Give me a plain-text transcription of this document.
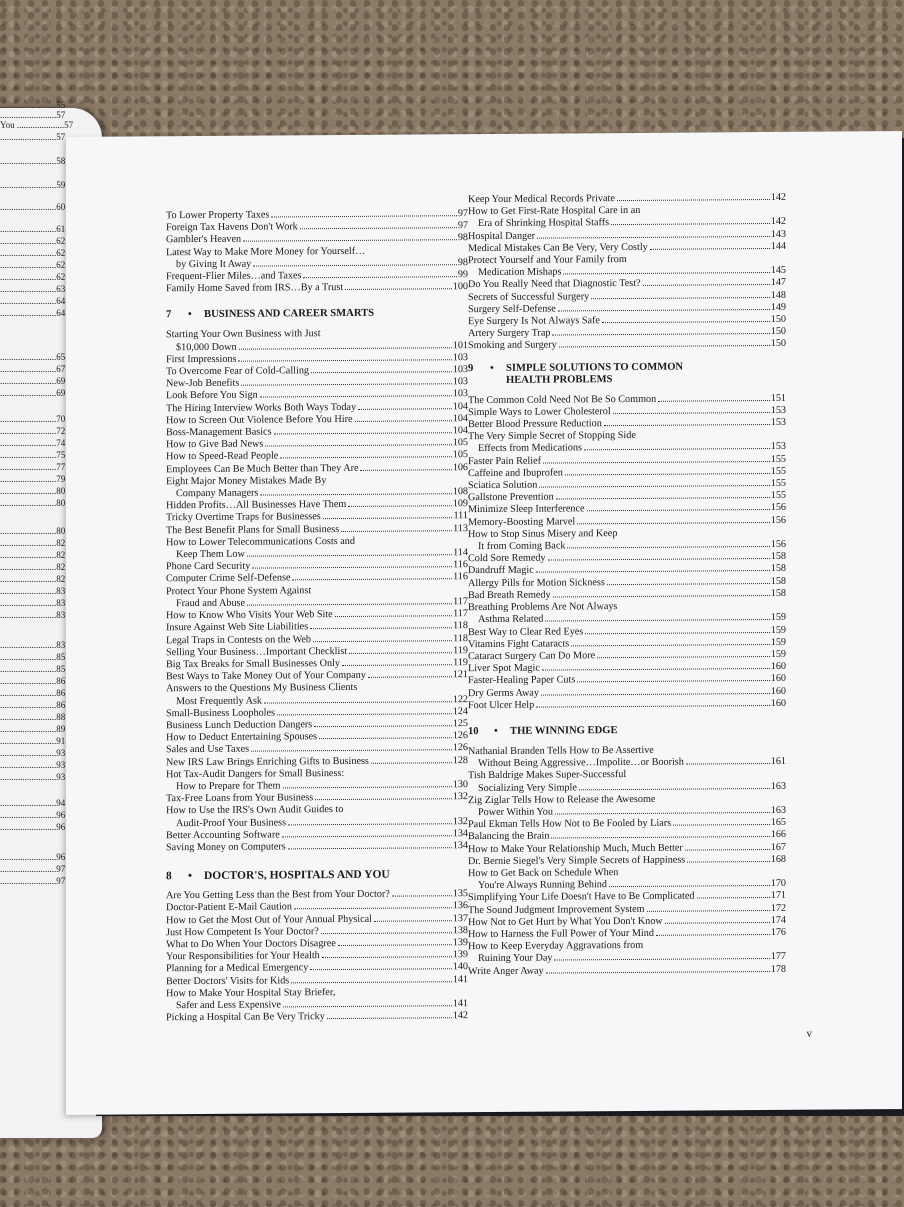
.........................55
.........................57
You .....................57
.........................57
.........................58
.........................59
.........................60
.........................61
.........................62
.........................62
.........................62
.........................62
.........................63
.........................64
.........................64
.........................65
.........................67
.........................69
.........................69
.........................70
.........................72
.........................74
.........................75
.........................77
.........................79
.........................80
.........................80
.........................80
.........................82
.........................82
.........................82
.........................82
.........................83
.........................83
.........................83
.........................83
.........................85
.........................85
.........................86
.........................86
.........................86
.........................88
.........................89
.........................91
.........................93
.........................93
.........................93
.........................94
.........................96
.........................96
.........................96
.........................97
.........................97
To Lower Property Taxes	97
Foreign Tax Havens Don't Work	97
Gambler's Heaven	98
Latest Way to Make More Money for Yourself…
by Giving It Away	98
Frequent-Flier Miles…and Taxes	99
Family Home Saved from IRS…By a Trust	100
7	•	BUSINESS AND CAREER SMARTS
Starting Your Own Business with Just
$10,000 Down	101
First Impressions	103
To Overcome Fear of Cold-Calling	103
New-Job Benefits	103
Look Before You Sign	103
The Hiring Interview Works Both Ways Today	104
How to Screen Out Violence Before You Hire	104
Boss-Management Basics	104
How to Give Bad News	105
How to Speed-Read People	105
Employees Can Be Much Better than They Are	106
Eight Major Money Mistakes Made By
Company Managers	108
Hidden Profits…All Businesses Have Them	109
Tricky Overtime Traps for Businesses	111
The Best Benefit Plans for Small Business	113
How to Lower Telecommunications Costs and
Keep Them Low	114
Phone Card Security	116
Computer Crime Self-Defense	116
Protect Your Phone System Against
Fraud and Abuse	117
How to Know Who Visits Your Web Site	117
Insure Against Web Site Liabilities	118
Legal Traps in Contests on the Web	118
Selling Your Business…Important Checklist	119
Big Tax Breaks for Small Businesses Only	119
Best Ways to Take Money Out of Your Company	121
Answers to the Questions My Business Clients
Most Frequently Ask	122
Small-Business Loopholes	124
Business Lunch Deduction Dangers	125
How to Deduct Entertaining Spouses	126
Sales and Use Taxes	126
New IRS Law Brings Enriching Gifts to Business	128
Hot Tax-Audit Dangers for Small Business:
How to Prepare for Them	130
Tax-Free Loans from Your Business	132
How to Use the IRS's Own Audit Guides to
Audit-Proof Your Business	132
Better Accounting Software	134
Saving Money on Computers	134
8	•	DOCTOR'S, HOSPITALS AND YOU
Are You Getting Less than the Best from Your Doctor?	135
Doctor-Patient E-Mail Caution	136
How to Get the Most Out of Your Annual Physical	137
Just How Competent Is Your Doctor?	138
What to Do When Your Doctors Disagree	139
Your Responsibilities for Your Health	139
Planning for a Medical Emergency	140
Better Doctors' Visits for Kids	141
How to Make Your Hospital Stay Briefer,
Safer and Less Expensive	141
Picking a Hospital Can Be Very Tricky	142
Keep Your Medical Records Private	142
How to Get First-Rate Hospital Care in an
Era of Shrinking Hospital Staffs	142
Hospital Danger	143
Medical Mistakes Can Be Very, Very Costly	144
Protect Yourself and Your Family from
Medication Mishaps	145
Do You Really Need that Diagnostic Test?	147
Secrets of Successful Surgery	148
Surgery Self-Defense	149
Eye Surgery Is Not Always Safe	150
Artery Surgery Trap	150
Smoking and Surgery	150
9	•	SIMPLE SOLUTIONS TO COMMON HEALTH PROBLEMS
The Common Cold Need Not Be So Common	151
Simple Ways to Lower Cholesterol	153
Better Blood Pressure Reduction	153
The Very Simple Secret of Stopping Side
Effects from Medications	153
Faster Pain Relief	155
Caffeine and Ibuprofen	155
Sciatica Solution	155
Gallstone Prevention	155
Minimize Sleep Interference	156
Memory-Boosting Marvel	156
How to Stop Sinus Misery and Keep
It from Coming Back	156
Cold Sore Remedy	158
Dandruff Magic	158
Allergy Pills for Motion Sickness	158
Bad Breath Remedy	158
Breathing Problems Are Not Always
Asthma Related	159
Best Way to Clear Red Eyes	159
Vitamins Fight Cataracts	159
Cataract Surgery Can Do More	159
Liver Spot Magic	160
Faster-Healing Paper Cuts	160
Dry Germs Away	160
Foot Ulcer Help	160
10	•	THE WINNING EDGE
Nathanial Branden Tells How to Be Assertive
Without Being Aggressive…Impolite…or Boorish	161
Tish Baldrige Makes Super-Successful
Socializing Very Simple	163
Zig Ziglar Tells How to Release the Awesome
Power Within You	163
Paul Ekman Tells How Not to Be Fooled by Liars	165
Balancing the Brain	166
How to Make Your Relationship Much, Much Better	167
Dr. Bernie Siegel's Very Simple Secrets of Happiness	168
How to Get Back on Schedule When
You're Always Running Behind	170
Simplifying Your Life Doesn't Have to Be Complicated	171
The Sound Judgment Improvement System	172
How Not to Get Hurt by What You Don't Know	174
How to Harness the Full Power of Your Mind	176
How to Keep Everyday Aggravations from
Ruining Your Day	177
Write Anger Away	178
v
